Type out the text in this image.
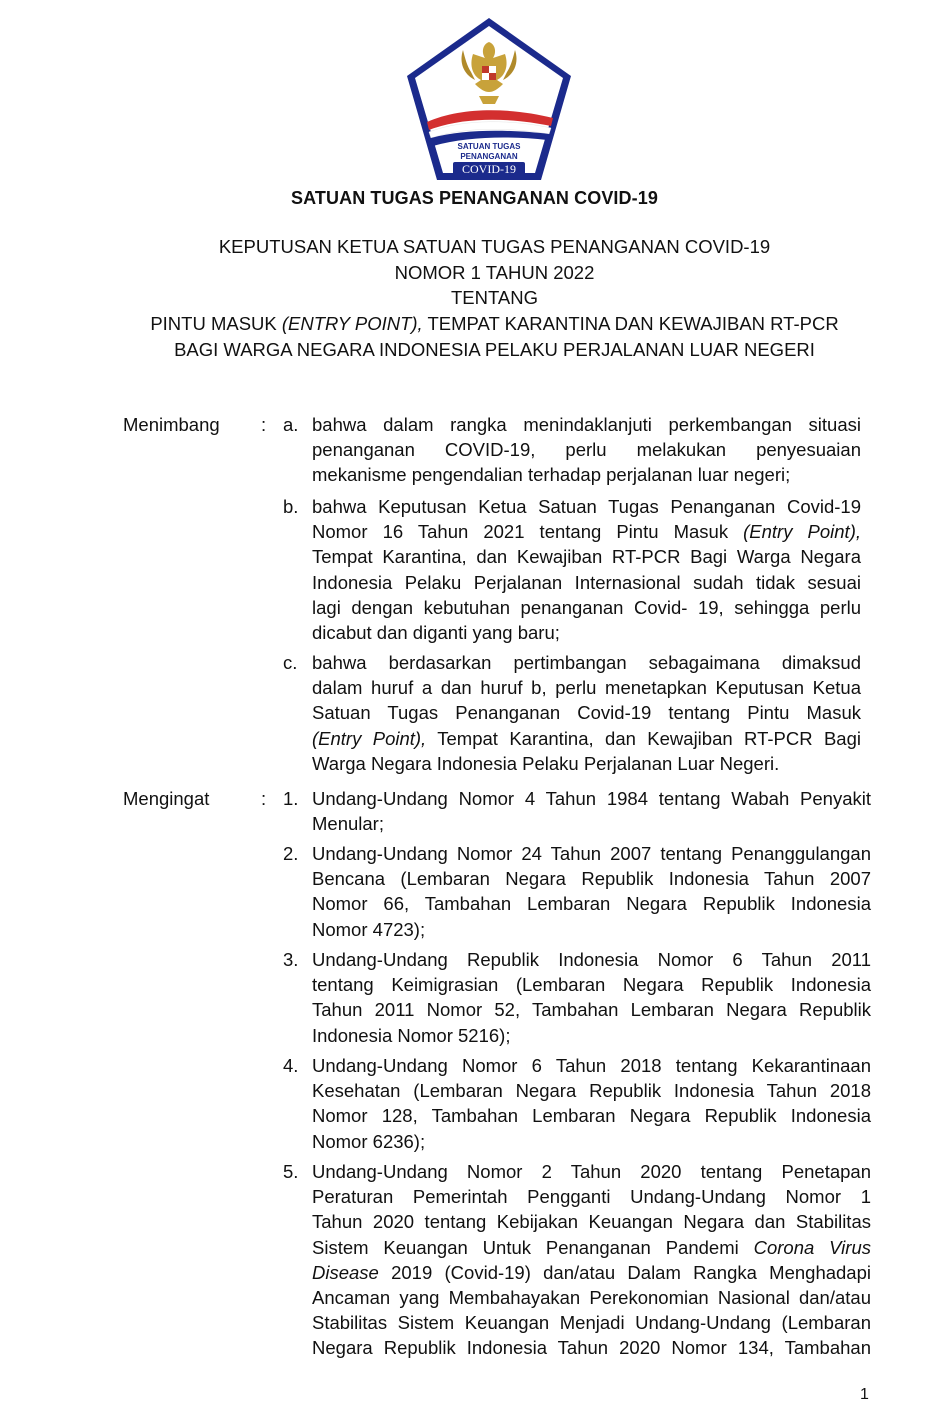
SATUAN TUGAS
PENANGANAN
COVID-19
SATUAN TUGAS PENANGANAN COVID-19
KEPUTUSAN KETUA SATUAN TUGAS PENANGANAN COVID-19
NOMOR 1 TAHUN 2022
TENTANG
PINTU MASUK (ENTRY POINT), TEMPAT KARANTINA DAN KEWAJIBAN RT-PCR
BAGI WARGA NEGARA INDONESIA PELAKU PERJALANAN LUAR NEGERI
Menimbang : a. bahwa dalam rangka menindaklanjuti perkembangan situasi
penanganan COVID-19, perlu melakukan penyesuaian
mekanisme pengendalian terhadap perjalanan luar negeri;
b. bahwa Keputusan Ketua Satuan Tugas Penanganan Covid-19
Nomor 16 Tahun 2021 tentang Pintu Masuk (Entry Point),
Tempat Karantina, dan Kewajiban RT-PCR Bagi Warga Negara
Indonesia Pelaku Perjalanan Internasional sudah tidak sesuai
lagi dengan kebutuhan penanganan Covid- 19, sehingga perlu
dicabut dan diganti yang baru;
c. bahwa berdasarkan pertimbangan sebagaimana dimaksud
dalam huruf a dan huruf b, perlu menetapkan Keputusan Ketua
Satuan Tugas Penanganan Covid-19 tentang Pintu Masuk
(Entry Point), Tempat Karantina, dan Kewajiban RT-PCR Bagi
Warga Negara Indonesia Pelaku Perjalanan Luar Negeri.
Mengingat	: 1. Undang-Undang Nomor 4 Tahun 1984 tentang Wabah Penyakit
Menular;
2. Undang-Undang Nomor 24 Tahun 2007 tentang Penanggulangan
Bencana (Lembaran Negara Republik Indonesia Tahun 2007
Nomor 66, Tambahan Lembaran Negara Republik Indonesia
Nomor 4723);
3. Undang-Undang Republik Indonesia Nomor 6 Tahun 2011
tentang Keimigrasian (Lembaran Negara Republik Indonesia
Tahun 2011 Nomor 52, Tambahan Lembaran Negara Republik
Indonesia Nomor 5216);
4. Undang-Undang Nomor 6 Tahun 2018 tentang Kekarantinaan
Kesehatan (Lembaran Negara Republik Indonesia Tahun 2018
Nomor 128, Tambahan Lembaran Negara Republik Indonesia
Nomor 6236);
5. Undang-Undang Nomor 2 Tahun 2020 tentang Penetapan
Peraturan Pemerintah Pengganti Undang-Undang Nomor 1
Tahun 2020 tentang Kebijakan Keuangan Negara dan Stabilitas
Sistem Keuangan Untuk Penanganan Pandemi Corona Virus
Disease 2019 (Covid-19) dan/atau Dalam Rangka Menghadapi
Ancaman yang Membahayakan Perekonomian Nasional dan/atau
Stabilitas Sistem Keuangan Menjadi Undang-Undang (Lembaran
Negara Republik Indonesia Tahun 2020 Nomor 134, Tambahan
1
